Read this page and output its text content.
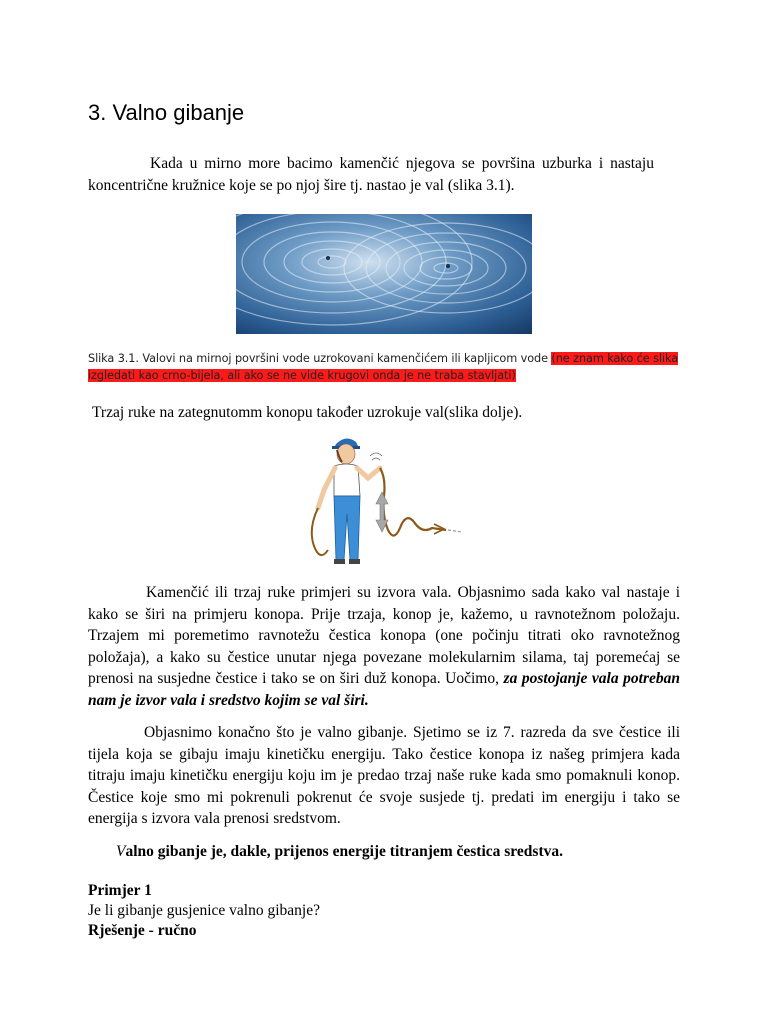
3. Valno gibanje
Kada u mirno more bacimo kamenčić njegova se površina uzburka i nastaju koncentrične kružnice koje se po njoj šire tj. nastao je val (slika 3.1).
Slika 3.1. Valovi na mirnoj površini vode uzrokovani kamenčićem ili kapljicom vode (ne znam kako će slika izgledati kao crno-bijela, ali ako se ne vide krugovi onda je ne traba stavljati)
Trzaj ruke na zategnutomm konopu također uzrokuje val(slika dolje).
Kamenčić ili trzaj ruke primjeri su izvora vala. Objasnimo sada kako val nastaje i kako se širi na primjeru konopa. Prije trzaja, konop je, kažemo, u ravnotežnom položaju. Trzajem mi poremetimo ravnotežu čestica konopa (one počinju titrati oko ravnotežnog položaja), a kako su čestice unutar njega povezane molekularnim silama, taj poremećaj se prenosi na susjedne čestice i tako se on širi duž konopa. Uočimo, za postojanje vala potreban nam je izvor vala i sredstvo kojim se val širi.
Objasnimo konačno što je valno gibanje. Sjetimo se iz 7. razreda da sve čestice ili tijela koja se gibaju imaju kinetičku energiju. Tako čestice konopa iz našeg primjera kada titraju imaju kinetičku energiju koju im je predao trzaj naše ruke kada smo pomaknuli konop. Čestice koje smo mi pokrenuli pokrenut će svoje susjede tj. predati im energiju i tako se energija s izvora vala prenosi sredstvom.
Valno gibanje je, dakle, prijenos energije titranjem čestica sredstva.
Primjer 1
Je li gibanje gusjenice valno gibanje?
Rješenje - ručno
